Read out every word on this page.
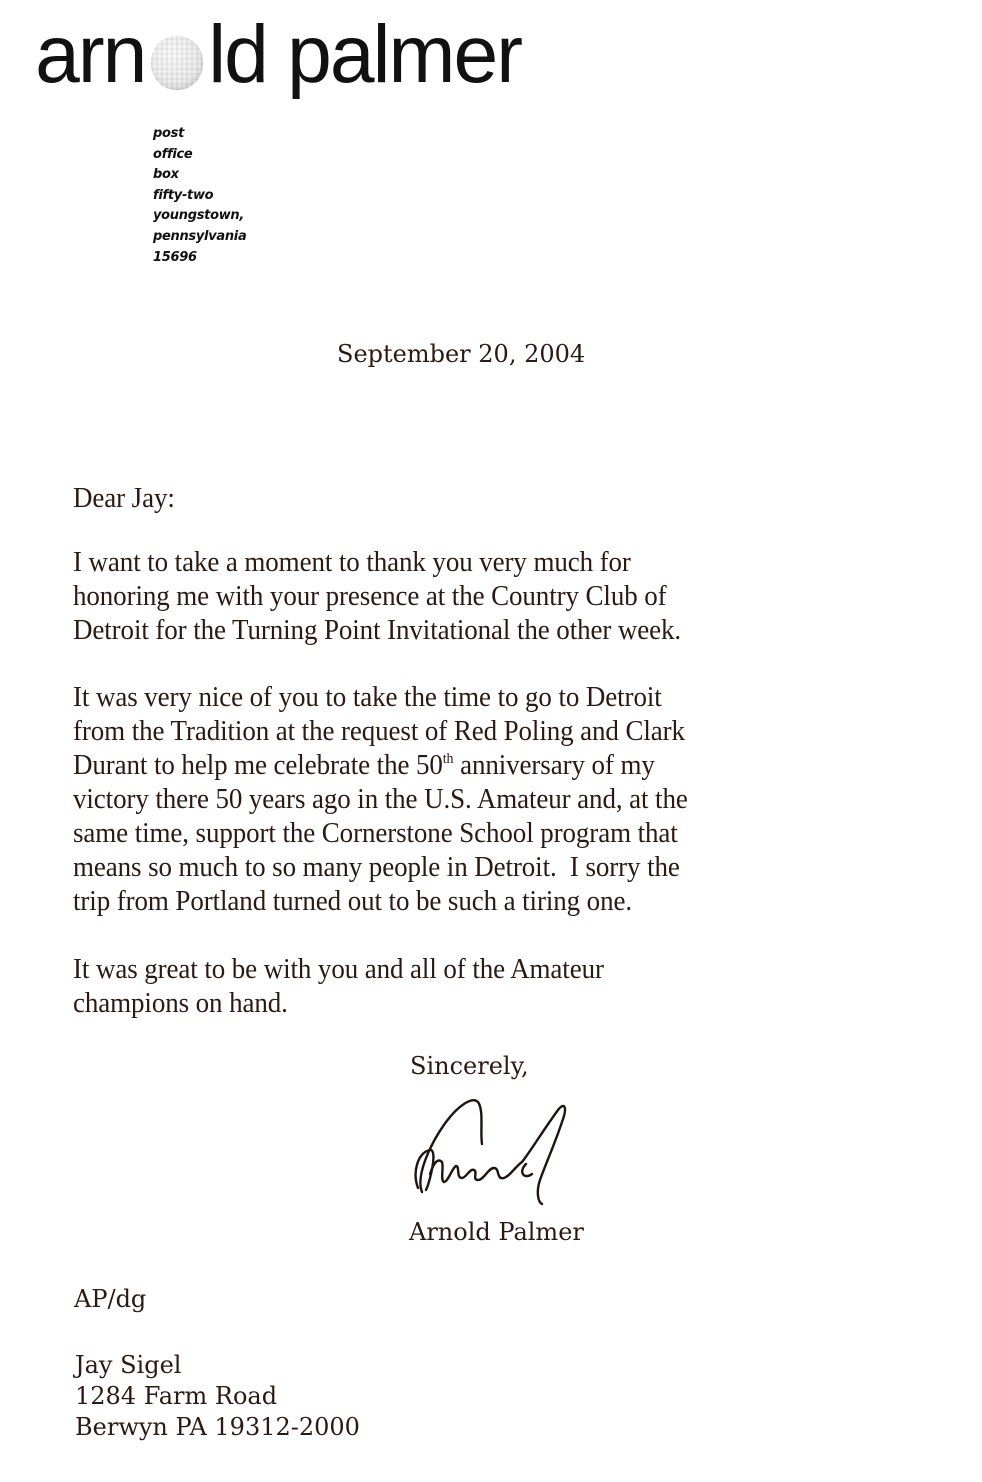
arn ld palmer
post
office
box
fifty-two
youngstown,
pennsylvania
15696
September 20, 2004
Dear Jay:
I want to take a moment to thank you very much for
honoring me with your presence at the Country Club of
Detroit for the Turning Point Invitational the other week.
It was very nice of you to take the time to go to Detroit
from the Tradition at the request of Red Poling and Clark
Durant to help me celebrate the 50th anniversary of my
victory there 50 years ago in the U.S. Amateur and, at the
same time, support the Cornerstone School program that
means so much to so many people in Detroit.  I sorry the
trip from Portland turned out to be such a tiring one.
It was great to be with you and all of the Amateur
champions on hand.
Sincerely,
Arnold Palmer
AP/dg
Jay Sigel
1284 Farm Road
Berwyn PA 19312-2000
